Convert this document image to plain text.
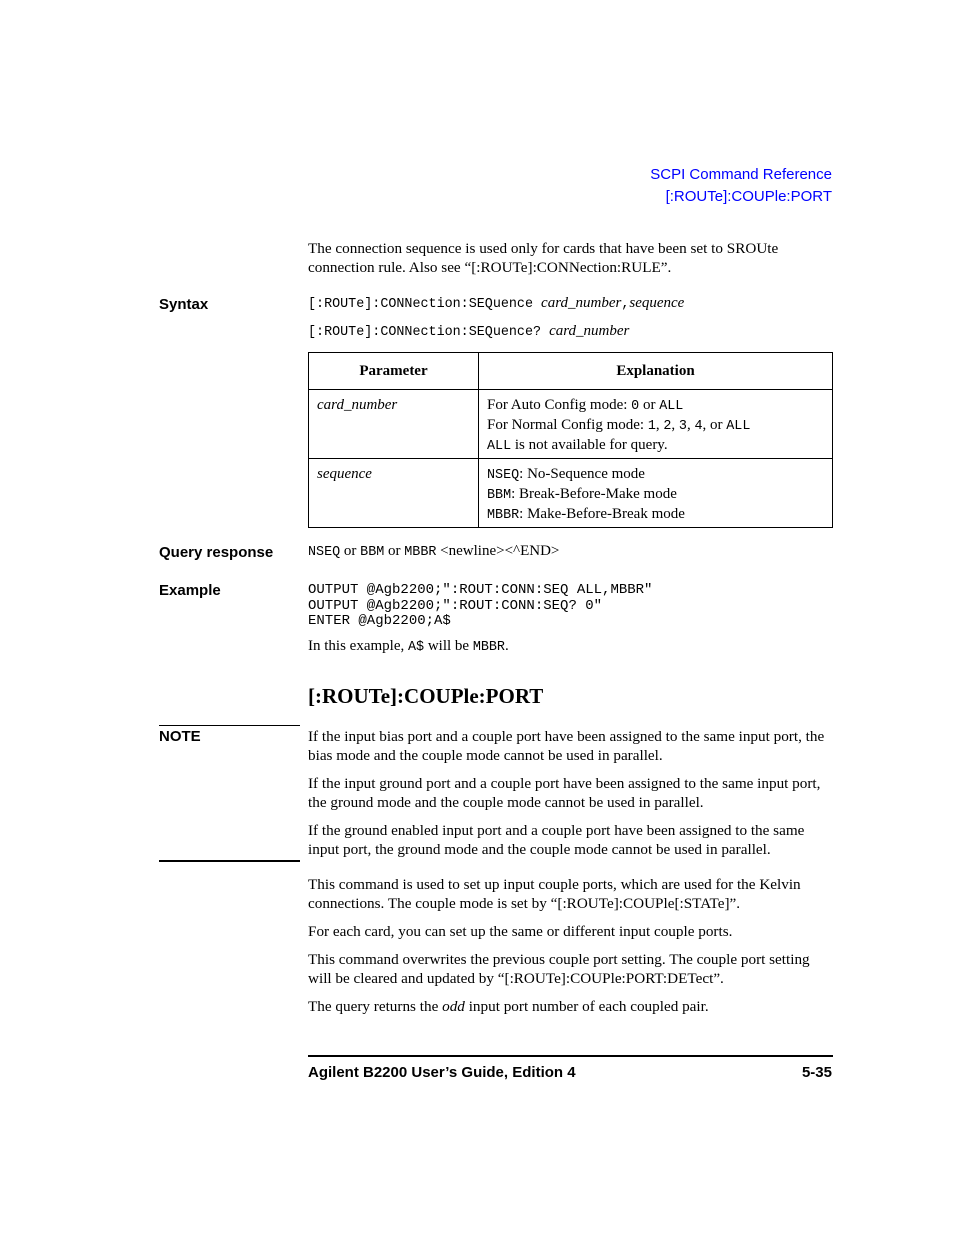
SCPI Command Reference
[:ROUTe]:COUPle:PORT
The connection sequence is used only for cards that have been set to SROUte
connection rule. Also see “[:ROUTe]:CONNection:RULE”.
Syntax	[:ROUTe]:CONNection:SEQuence card_number,sequence
[:ROUTe]:CONNection:SEQuence? card_number
Parameter	Explanation

card_number	For Auto Config mode: 0 or ALL
For Normal Config mode: 1, 2, 3, 4, or ALL
ALL is not available for query.

sequence	NSEQ: No-Sequence mode
BBM: Break-Before-Make mode
MBBR: Make-Before-Break mode
Query response	NSEQ or BBM or MBBR <newline><^END>
Example	OUTPUT @Agb2200;":ROUT:CONN:SEQ ALL,MBBR"
OUTPUT @Agb2200;":ROUT:CONN:SEQ? 0"
ENTER @Agb2200;A$
In this example, A$ will be MBBR.
[:ROUTe]:COUPle:PORT
NOTE	If the input bias port and a couple port have been assigned to the same input port, the bias mode and the couple mode cannot be used in parallel.
If the input ground port and a couple port have been assigned to the same input port, the ground mode and the couple mode cannot be used in parallel.
If the ground enabled input port and a couple port have been assigned to the same input port, the ground mode and the couple mode cannot be used in parallel.
This command is used to set up input couple ports, which are used for the Kelvin connections. The couple mode is set by “[:ROUTe]:COUPle[:STATe]”.
For each card, you can set up the same or different input couple ports.
This command overwrites the previous couple port setting. The couple port setting will be cleared and updated by “[:ROUTe]:COUPle:PORT:DETect”.
The query returns the odd input port number of each coupled pair.
Agilent B2200 User’s Guide, Edition 4	5-35
